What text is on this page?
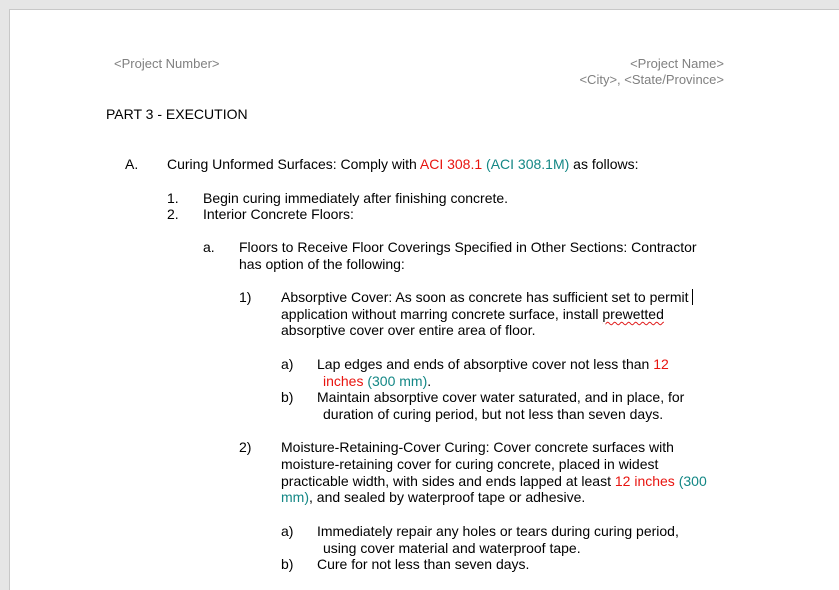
<Project Number>	<Project Name>
<City>, <State/Province>
PART 3 - EXECUTION
A. Curing Unformed Surfaces: Comply with ACI 308.1 (ACI 308.1M) as follows:
1. Begin curing immediately after finishing concrete.
2. Interior Concrete Floors:
a. Floors to Receive Floor Coverings Specified in Other Sections: Contractor
has option of the following:
1) Absorptive Cover: As soon as concrete has sufficient set to permit
application without marring concrete surface, install prewetted
absorptive cover over entire area of floor.
a) Lap edges and ends of absorptive cover not less than 12
inches (300 mm).
b) Maintain absorptive cover water saturated, and in place, for
duration of curing period, but not less than seven days.
2) Moisture-Retaining-Cover Curing: Cover concrete surfaces with
moisture-retaining cover for curing concrete, placed in widest
practicable width, with sides and ends lapped at least 12 inches (300
mm), and sealed by waterproof tape or adhesive.
a) Immediately repair any holes or tears during curing period,
using cover material and waterproof tape.
b) Cure for not less than seven days.
